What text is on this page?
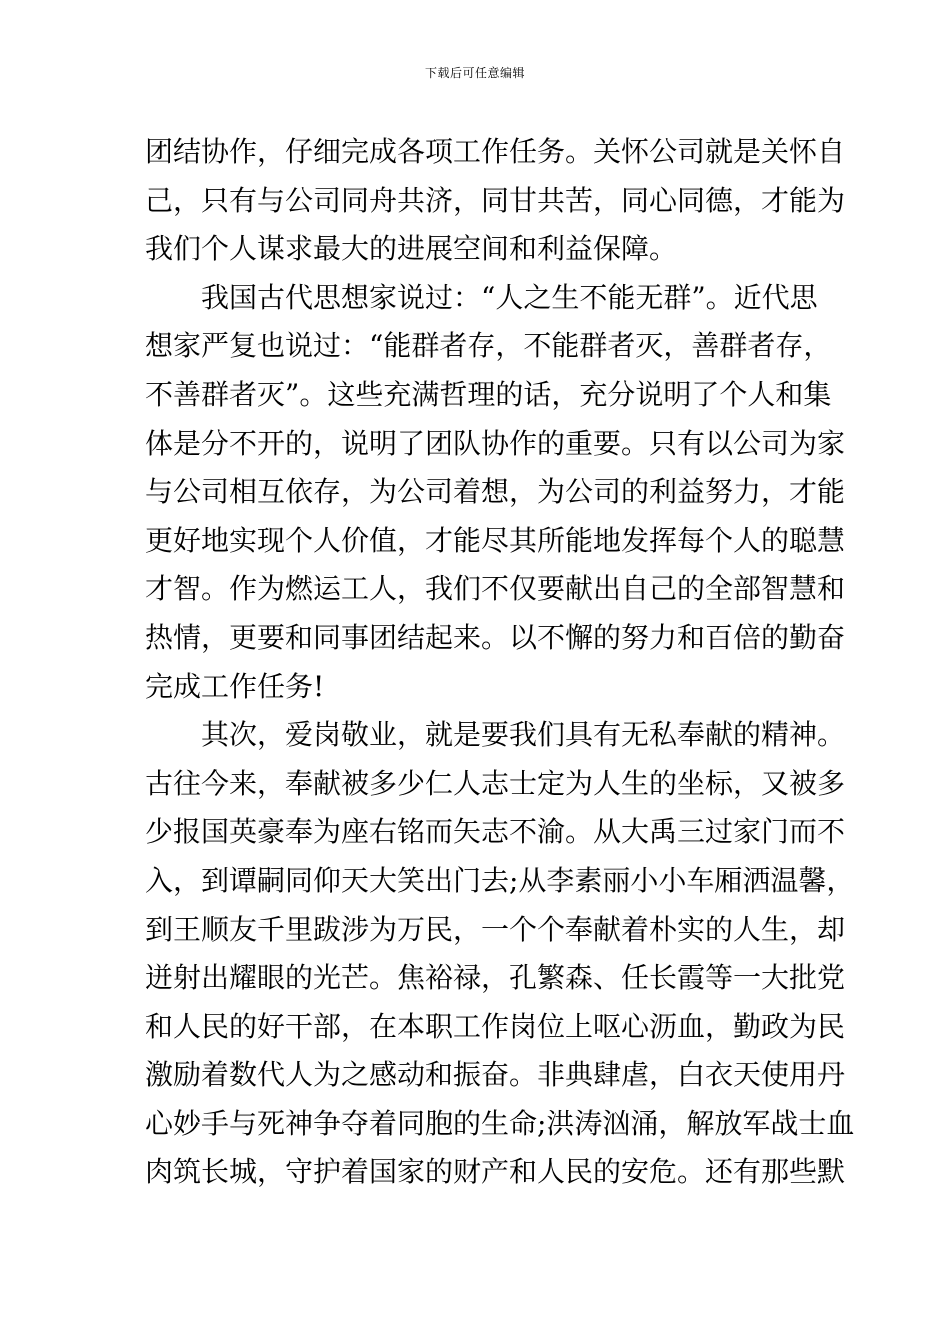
下载后可任意编辑
团结协作，仔细完成各项工作任务。关怀公司就是关怀自
己，只有与公司同舟共济，同甘共苦，同心同德，才能为
我们个人谋求最大的进展空间和利益保障。
我国古代思想家说过：“人之生不能无群”。近代思
想家严复也说过：“能群者存，不能群者灭，善群者存，
不善群者灭”。这些充满哲理的话，充分说明了个人和集
体是分不开的，说明了团队协作的重要。只有以公司为家
与公司相互依存，为公司着想，为公司的利益努力，才能
更好地实现个人价值，才能尽其所能地发挥每个人的聪慧
才智。作为燃运工人，我们不仅要献出自己的全部智慧和
热情，更要和同事团结起来。以不懈的努力和百倍的勤奋
完成工作任务!
其次，爱岗敬业，就是要我们具有无私奉献的精神。
古往今来，奉献被多少仁人志士定为人生的坐标，又被多
少报国英豪奉为座右铭而矢志不渝。从大禹三过家门而不
入，到谭嗣同仰天大笑出门去;从李素丽小小车厢洒温馨，
到王顺友千里跋涉为万民，一个个奉献着朴实的人生，却
迸射出耀眼的光芒。焦裕禄，孔繁森、任长霞等一大批党
和人民的好干部，在本职工作岗位上呕心沥血，勤政为民
激励着数代人为之感动和振奋。非典肆虐，白衣天使用丹
心妙手与死神争夺着同胞的生命;洪涛汹涌，解放军战士血
肉筑长城，守护着国家的财产和人民的安危。还有那些默
